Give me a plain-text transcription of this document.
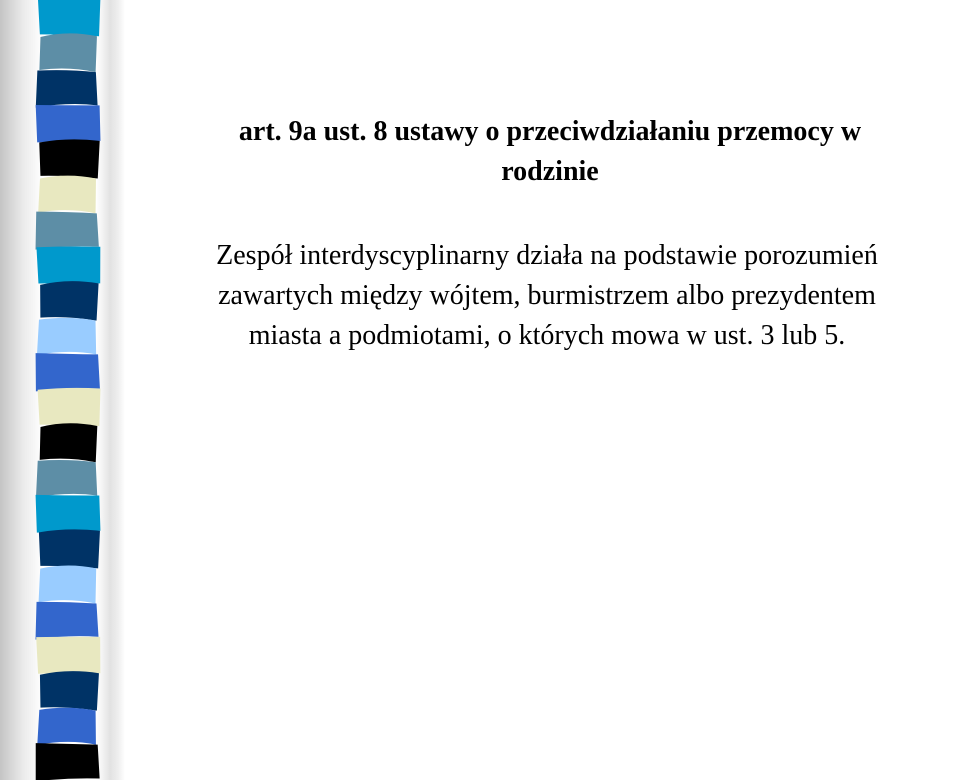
art. 9a ust. 8 ustawy o przeciwdziałaniu przemocy w
rodzinie
Zespół interdyscyplinarny działa na podstawie porozumień
zawartych między wójtem, burmistrzem albo prezydentem
miasta a podmiotami, o których mowa w ust. 3 lub 5.
